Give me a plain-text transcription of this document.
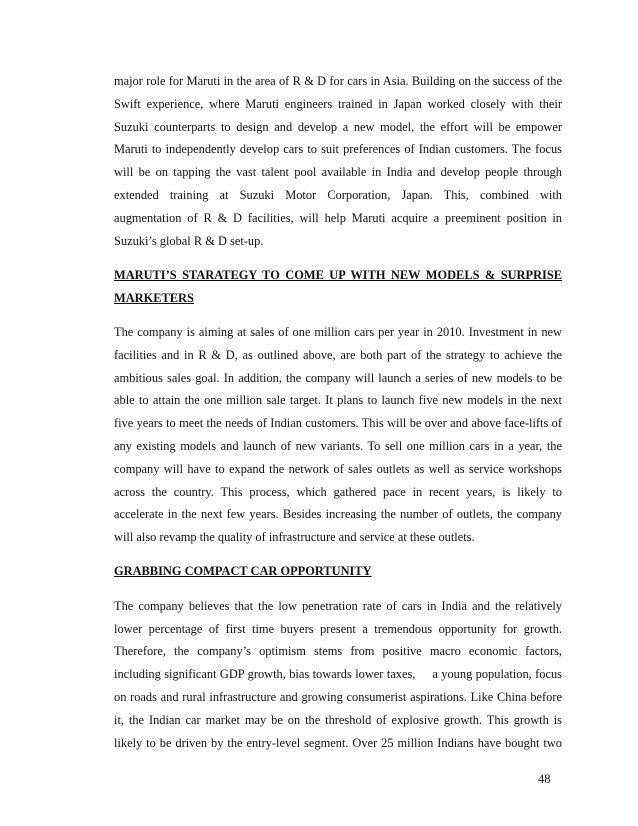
major role for Maruti in the area of R & D for cars in Asia. Building on the success of the
Swift experience, where Maruti engineers trained in Japan worked closely with their
Suzuki counterparts to design and develop a new model, the effort will be empower
Maruti to independently develop cars to suit preferences of Indian customers. The focus
will be on tapping the vast talent pool available in India and develop people through
extended training at Suzuki Motor Corporation, Japan. This, combined with
augmentation of R & D facilities, will help Maruti acquire a preeminent position in
Suzuki’s global R & D set-up.

MARUTI’S STARATEGY TO COME UP WITH NEW MODELS & SURPRISE
MARKETERS

The company is aiming at sales of one million cars per year in 2010. Investment in new
facilities and in R & D, as outlined above, are both part of the strategy to achieve the
ambitious sales goal. In addition, the company will launch a series of new models to be
able to attain the one million sale target. It plans to launch five new models in the next
five years to meet the needs of Indian customers. This will be over and above face-lifts of
any existing models and launch of new variants. To sell one million cars in a year, the
company will have to expand the network of sales outlets as well as service workshops
across the country. This process, which gathered pace in recent years, is likely to
accelerate in the next few years. Besides increasing the number of outlets, the company
will also revamp the quality of infrastructure and service at these outlets.

GRABBING COMPACT CAR OPPORTUNITY

The company believes that the low penetration rate of cars in India and the relatively
lower percentage of first time buyers present a tremendous opportunity for growth.
Therefore, the company’s optimism stems from positive macro economic factors,
including significant GDP growth, bias towards lower taxes,     a young population, focus
on roads and rural infrastructure and growing consumerist aspirations. Like China before
it, the Indian car market may be on the threshold of explosive growth. This growth is
likely to be driven by the entry-level segment. Over 25 million Indians have bought two

48
